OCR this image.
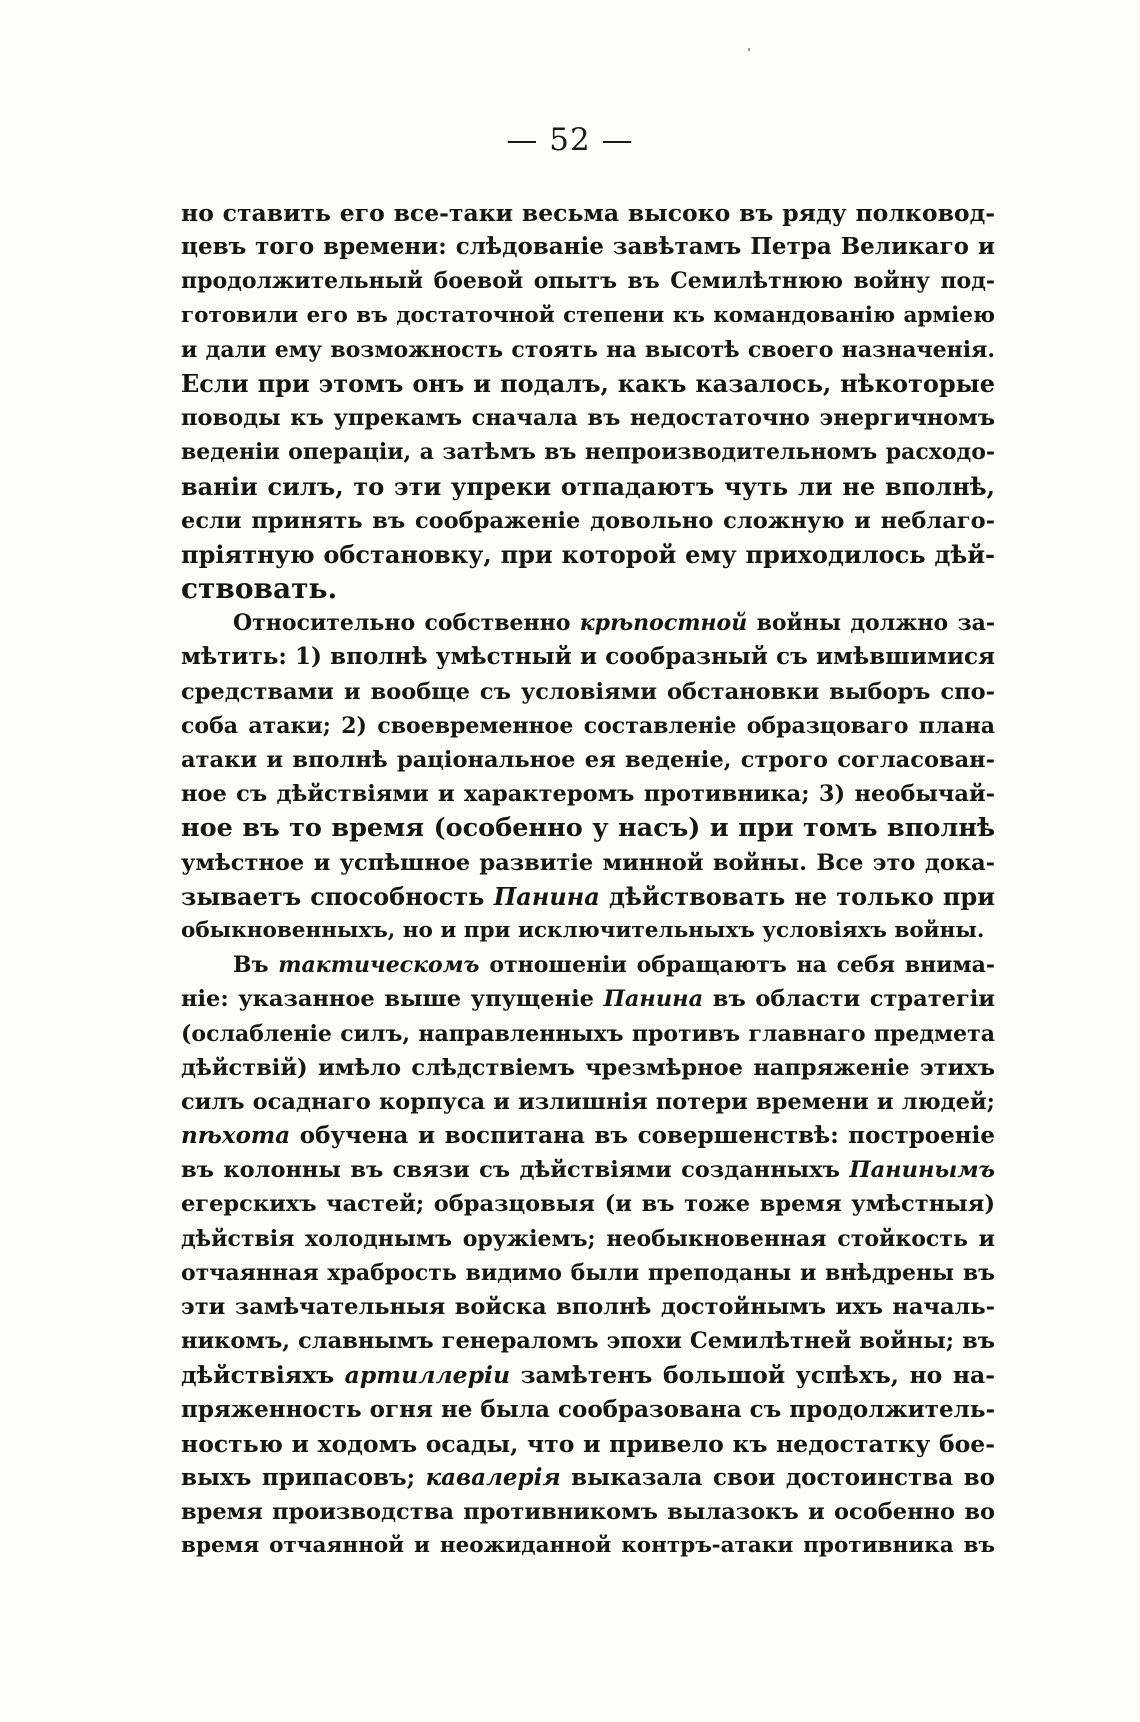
— 52 —
но ставить его все-таки весьма высоко въ ряду полковод-
цевъ того времени: слѣдованіе завѣтамъ Петра Великаго и
продолжительный боевой опытъ въ Семилѣтнюю войну под-
готовили его въ достаточной степени къ командованію арміею
и дали ему возможность стоять на высотѣ своего назначенія.
Если при этомъ онъ и подалъ, какъ казалось, нѣкоторые
поводы къ упрекамъ сначала въ недостаточно энергичномъ
веденіи операціи, а затѣмъ въ непроизводительномъ расходо-
ваніи силъ, то эти упреки отпадаютъ чуть ли не вполнѣ,
если принять въ соображеніе довольно сложную и неблаго-
пріятную обстановку, при которой ему приходилось дѣй-
ствовать.
Относительно собственно крѣпостной войны должно за-
мѣтить: 1) вполнѣ умѣстный и сообразный съ имѣвшимися
средствами и вообще съ условіями обстановки выборъ спо-
соба атаки; 2) своевременное составленіе образцоваго плана
атаки и вполнѣ раціональное ея веденіе, строго согласован-
ное съ дѣйствіями и характеромъ противника; 3) необычай-
ное въ то время (особенно у насъ) и при томъ вполнѣ
умѣстное и успѣшное развитіе минной войны. Все это дока-
зываетъ способность Панина дѣйствовать не только при
обыкновенныхъ, но и при исключительныхъ условіяхъ войны.
Въ тактическомъ отношеніи обращаютъ на себя внима-
ніе: указанное выше упущеніе Панина въ области стратегіи
(ослабленіе силъ, направленныхъ противъ главнаго предмета
дѣйствій) имѣло слѣдствіемъ чрезмѣрное напряженіе этихъ
силъ осаднаго корпуса и излишнія потери времени и людей;
пѣхота обучена и воспитана въ совершенствѣ: построеніе
въ колонны въ связи съ дѣйствіями созданныхъ Панинымъ
егерскихъ частей; образцовыя (и въ тоже время умѣстныя)
дѣйствія холоднымъ оружіемъ; необыкновенная стойкость и
отчаянная храбрость видимо были преподаны и внѣдрены въ
эти замѣчательныя войска вполнѣ достойнымъ ихъ началь-
никомъ, славнымъ генераломъ эпохи Семилѣтней войны; въ
дѣйствіяхъ артиллеріи замѣтенъ большой успѣхъ, но на-
пряженность огня не была сообразована съ продолжитель-
ностью и ходомъ осады, что и привело къ недостатку бое-
выхъ припасовъ; кавалерія выказала свои достоинства во
время производства противникомъ вылазокъ и особенно во
время отчаянной и неожиданной контръ-атаки противника въ
